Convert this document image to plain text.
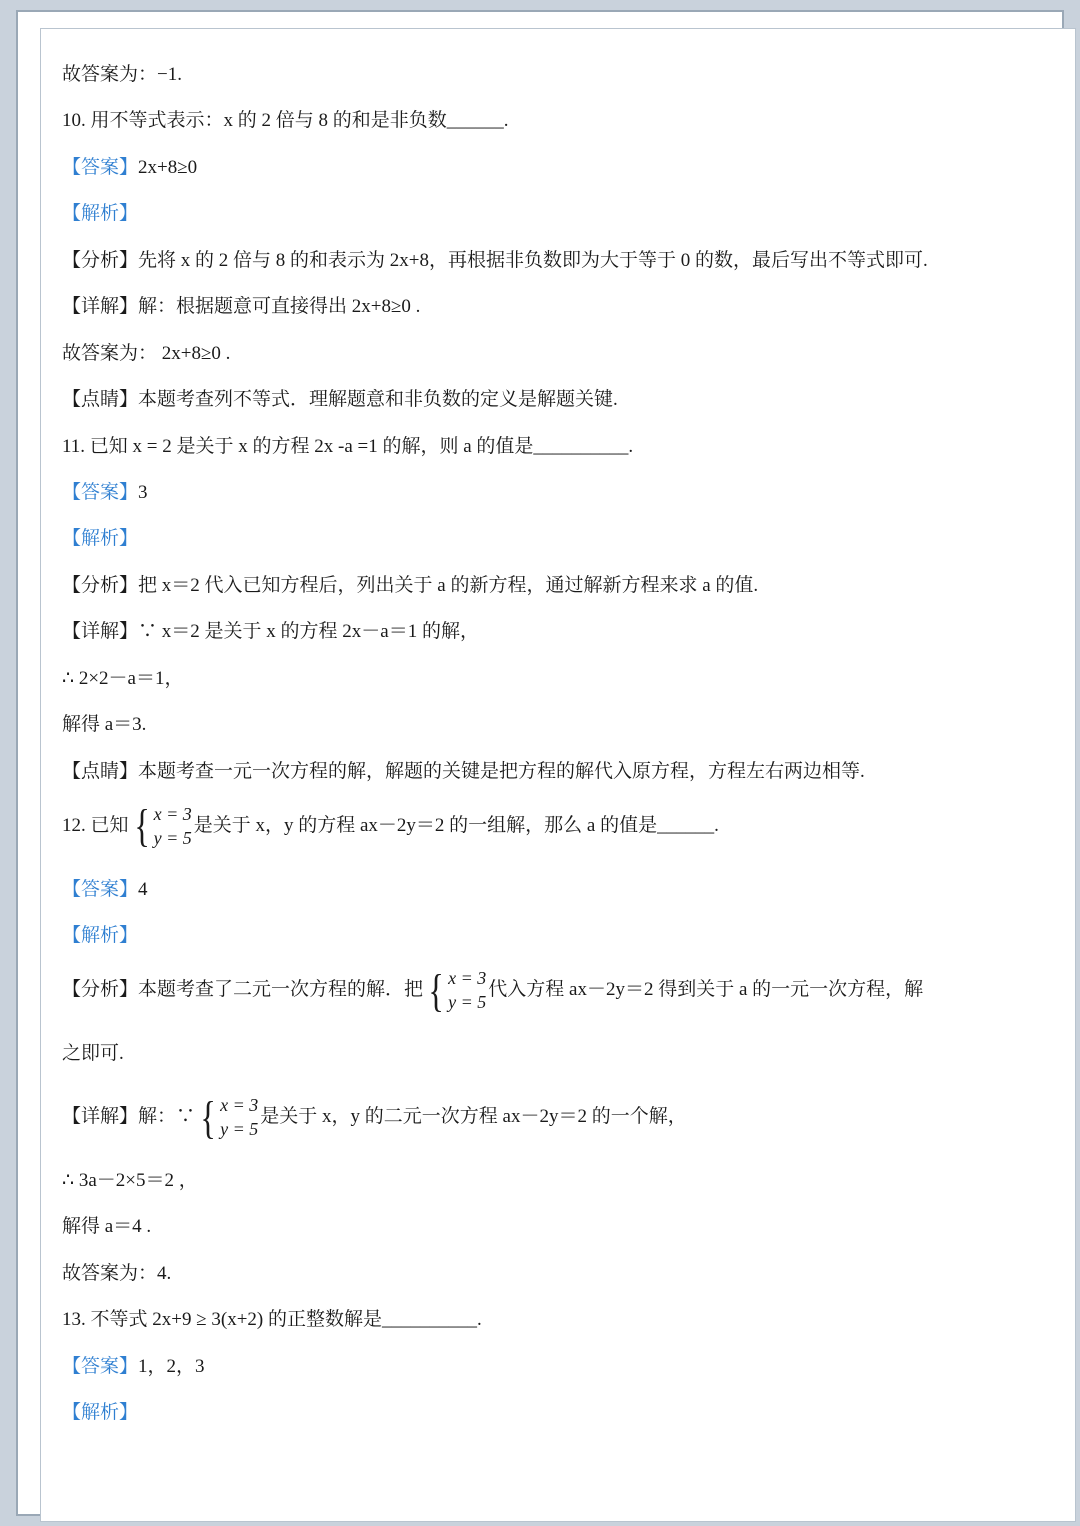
故答案为：−1.

10. 用不等式表示：x 的 2 倍与 8 的和是非负数______.

【答案】2x+8≥0

【解析】

【分析】先将 x 的 2 倍与 8 的和表示为 2x+8，再根据非负数即为大于等于 0 的数，最后写出不等式即可.

【详解】解：根据题意可直接得出 2x+8≥0 .

故答案为： 2x+8≥0 .

【点睛】本题考查列不等式．理解题意和非负数的定义是解题关键.

11. 已知 x = 2 是关于 x 的方程 2x -a =1 的解，则 a 的值是__________.

【答案】3

【解析】

【分析】把 x＝2 代入已知方程后，列出关于 a 的新方程，通过解新方程来求 a 的值.

【详解】∵ x＝2 是关于 x 的方程 2x－a＝1 的解，

∴ 2×2－a＝1，

解得 a＝3.

【点睛】本题考查一元一次方程的解，解题的关键是把方程的解代入原方程，方程左右两边相等.

12. 已知 { x = 3
y = 5
是关于 x，y 的方程 ax－2y＝2 的一组解，那么 a 的值是______.

【答案】4

【解析】

【分析】本题考查了二元一次方程的解．把 { x = 3
y = 5
代入方程 ax－2y＝2 得到关于 a 的一元一次方程，解

之即可.

【详解】解：∵ { x = 3
y = 5
是关于 x，y 的二元一次方程 ax－2y＝2 的一个解，

∴ 3a－2×5＝2 ，

解得 a＝4 .

故答案为：4.

13. 不等式 2x+9 ≥ 3(x+2) 的正整数解是__________.

【答案】1，2，3

【解析】
